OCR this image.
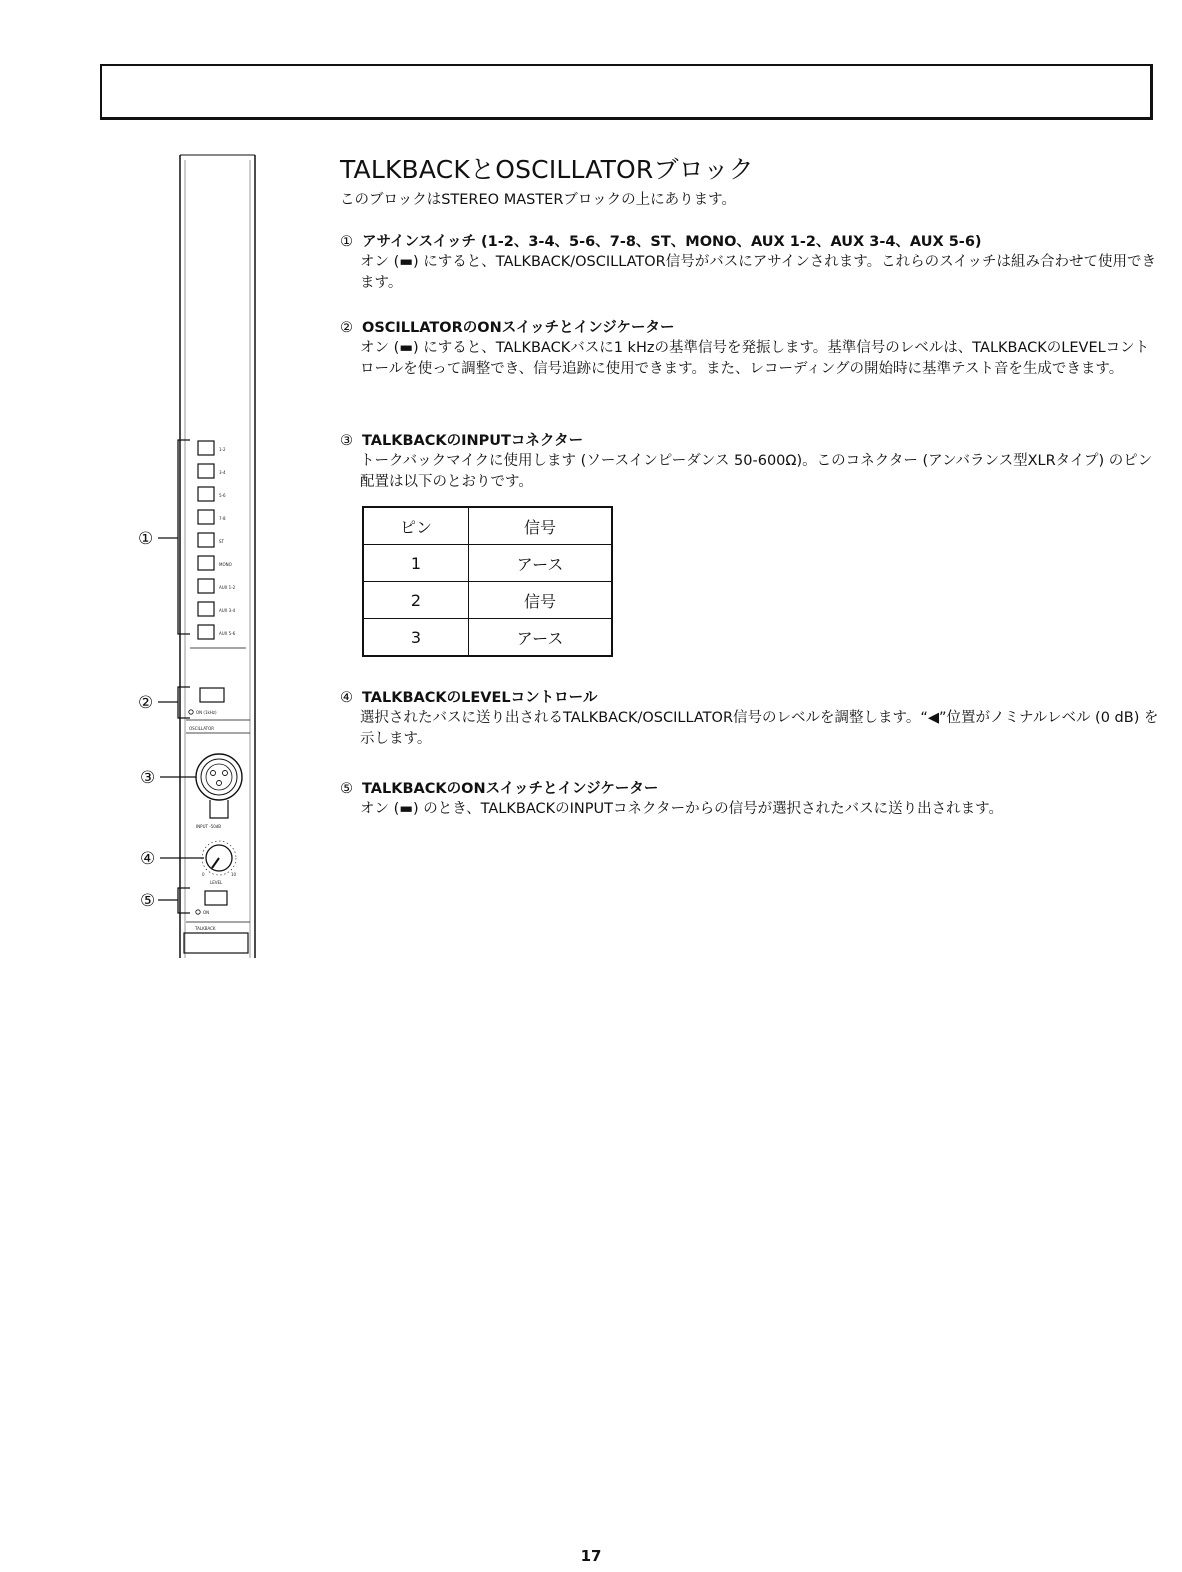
1-2
3-4
5-6
7-8
ST
MONO
AUX 1-2
AUX 3-4
AUX 5-6
ON (1kHz)
OSCILLATOR
INPUT -50dB
0	10
LEVEL
ON
TALKBACK
①
②
③
④
⑤
TALKBACKとOSCILLATORブロック
このブロックはSTEREO MASTERブロックの上にあります。
① アサインスイッチ (1-2、3-4、5-6、7-8、ST、MONO、AUX 1-2、AUX 3-4、AUX 5-6)
オン (▬) にすると、TALKBACK/OSCILLATOR信号がバスにアサインされます。これらのスイッチは組み合わせて使用できます。
② OSCILLATORのONスイッチとインジケーター
オン (▬) にすると、TALKBACKバスに1 kHzの基準信号を発振します。基準信号のレベルは、TALKBACKのLEVELコントロールを使って調整でき、信号追跡に使用できます。また、レコーディングの開始時に基準テスト音を生成できます。
③ TALKBACKのINPUTコネクター
トークバックマイクに使用します (ソースインピーダンス 50-600Ω)。このコネクター (アンバランス型XLRタイプ) のピン配置は以下のとおりです。
ピン	信号
1	アース
2	信号
3	アース
④ TALKBACKのLEVELコントロール
選択されたバスに送り出されるTALKBACK/OSCILLATOR信号のレベルを調整します。“◀”位置がノミナルレベル (0 dB) を示します。
⑤ TALKBACKのONスイッチとインジケーター
オン (▬) のとき、TALKBACKのINPUTコネクターからの信号が選択されたバスに送り出されます。
17
